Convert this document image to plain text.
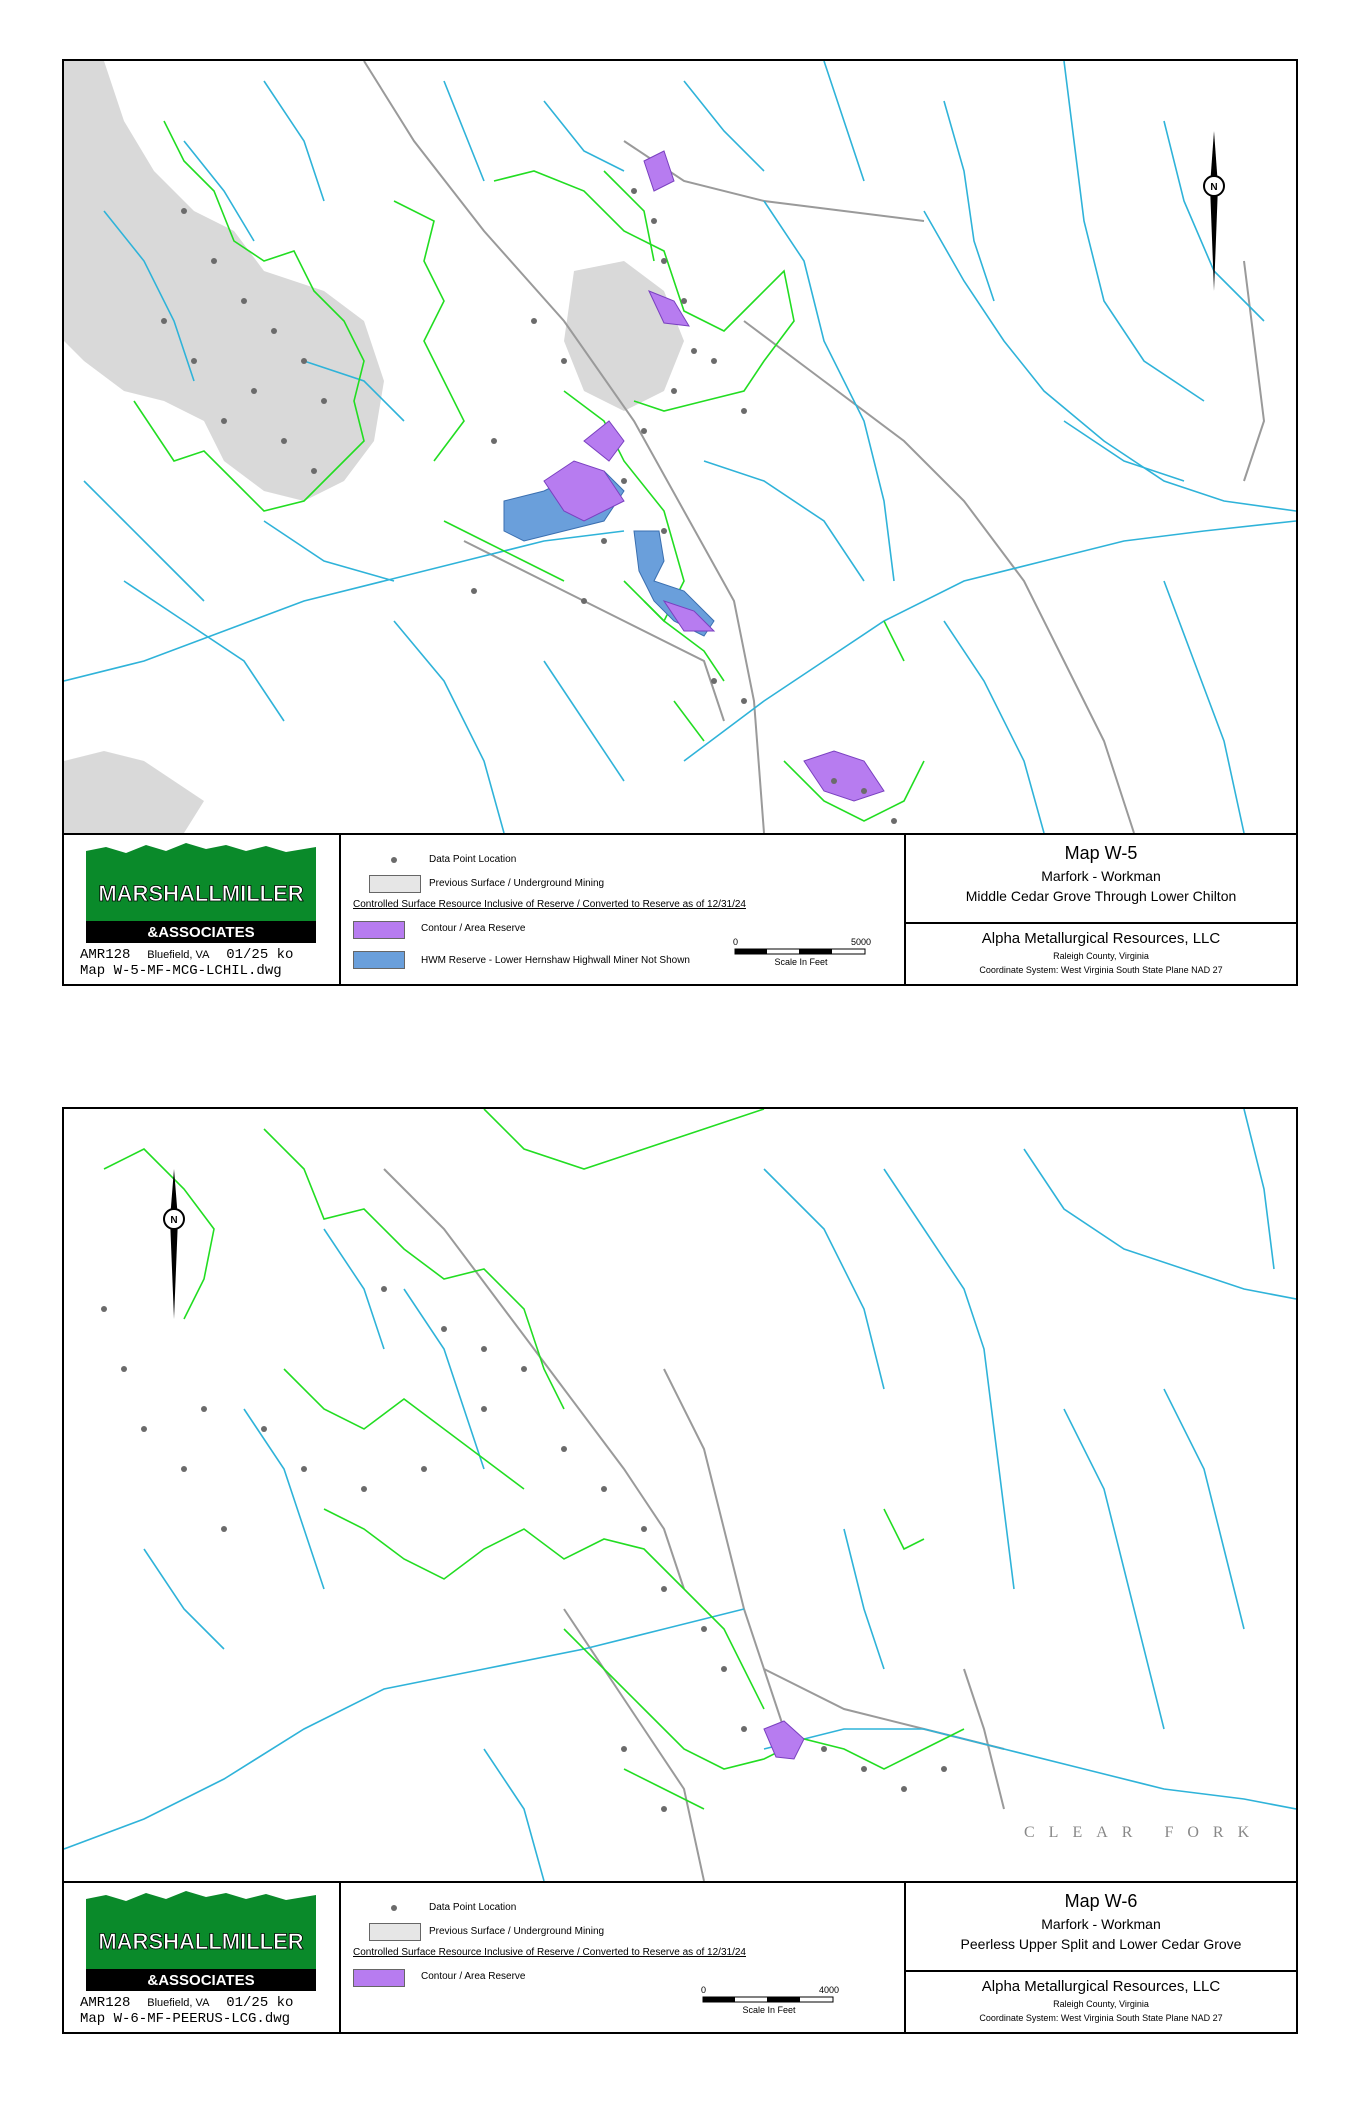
N
MARSHALLMILLER
&ASSOCIATES
AMR128 Bluefield, VA 01/25 ko
Map W-5-MF-MCG-LCHIL.dwg
Data Point Location
Previous Surface / Underground Mining
Controlled Surface Resource Inclusive of Reserve / Converted to Reserve as of 12/31/24
Contour / Area Reserve
HWM Reserve - Lower Hernshaw Highwall Miner Not Shown
0	5000
Scale In Feet
Map W-5
Marfork - Workman
Middle Cedar Grove Through Lower Chilton
Alpha Metallurgical Resources, LLC
Raleigh County, Virginia
Coordinate System: West Virginia South State Plane NAD 27
N
CLEAR FORK
MARSHALLMILLER
&ASSOCIATES
AMR128 Bluefield, VA 01/25 ko
Map W-6-MF-PEERUS-LCG.dwg
Data Point Location
Previous Surface / Underground Mining
Controlled Surface Resource Inclusive of Reserve / Converted to Reserve as of 12/31/24
Contour / Area Reserve
0	4000
Scale In Feet
Map W-6
Marfork - Workman
Peerless Upper Split and Lower Cedar Grove
Alpha Metallurgical Resources, LLC
Raleigh County, Virginia
Coordinate System: West Virginia South State Plane NAD 27
